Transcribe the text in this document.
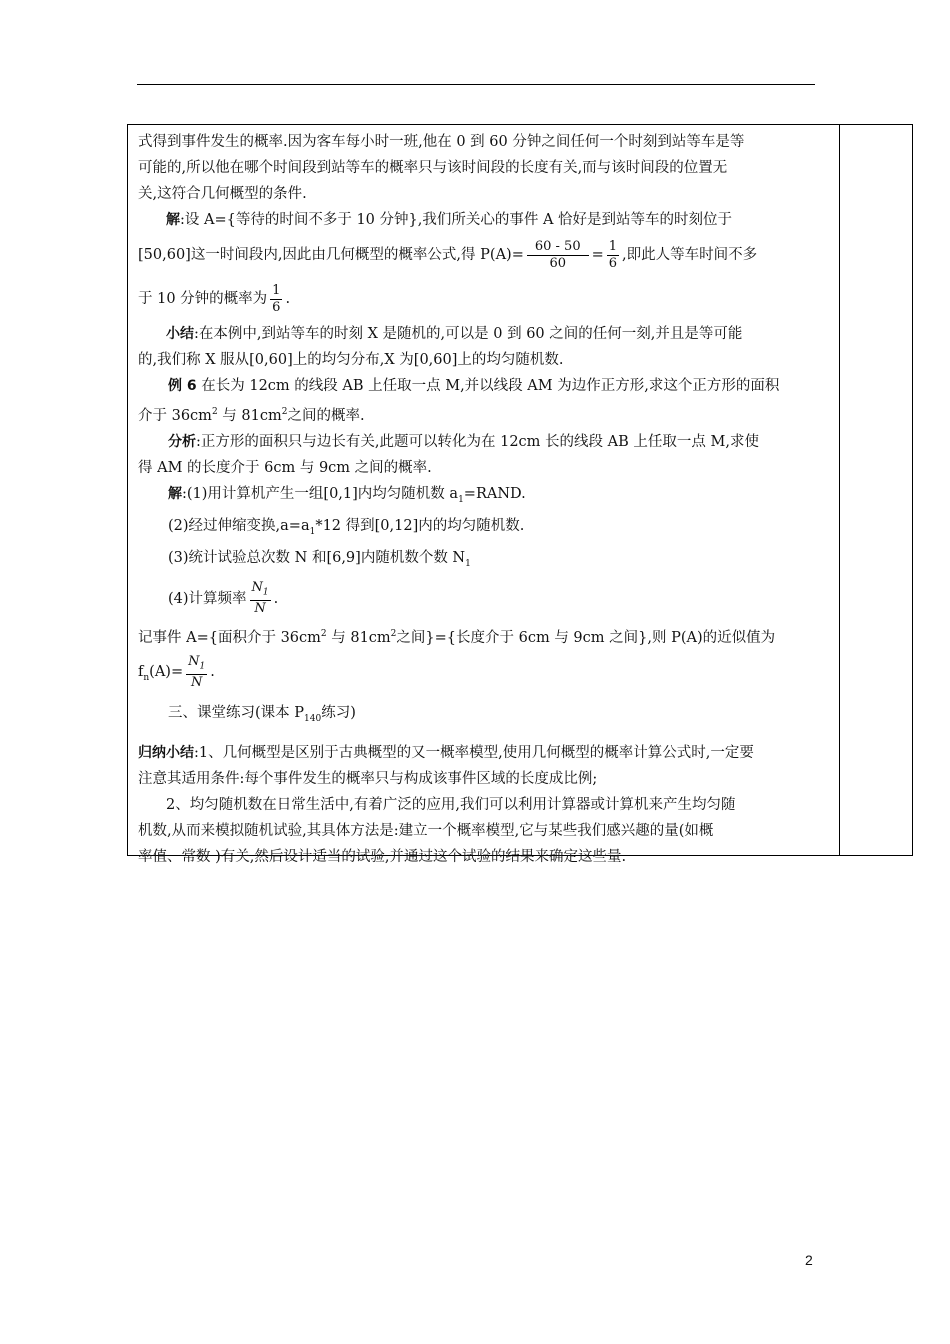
式得到事件发生的概率.因为客车每小时一班,他在 0 到 60 分钟之间任何一个时刻到站等车是等
可能的,所以他在哪个时间段到站等车的概率只与该时间段的长度有关,而与该时间段的位置无
关,这符合几何概型的条件.
解:设 A={等待的时间不多于 10 分钟},我们所关心的事件 A 恰好是到站等车的时刻位于
[50,60]这一时间段内,因此由几何概型的概率公式,得 $P(A)= \frac{60 - 50}{60} = \frac{1}{6}$ ,即此人等车时间不多
于 10 分钟的概率为 $\frac{1}{6}$ .
小结:在本例中,到站等车的时刻 X 是随机的,可以是 0 到 60 之间的任何一刻,并且是等可能
的,我们称 X 服从[0,60]上的均匀分布,X 为[0,60]上的均匀随机数.
例 6 在长为 12cm 的线段 AB 上任取一点 M,并以线段 AM 为边作正方形,求这个正方形的面积
介于 $36cm^2$ 与 $81cm^2$之间的概率.
分析:正方形的面积只与边长有关,此题可以转化为在 12cm 长的线段 AB 上任取一点 M,求使
得 AM 的长度介于 6cm 与 9cm 之间的概率.
解:(1)用计算机产生一组[0,1]内均匀随机数 $a_1=RAND$.
(2)经过伸缩变换$,a=a_1*12$ 得到[0,12]内的均匀随机数.
(3)统计试验总次数 N 和[6,9]内随机数个数 $N_1$
(4)计算频率 $\frac{N_1}{N}$ .
记事件 A={面积介于 $36cm^2$ 与 $81cm^2$之间}={长度介于 6cm 与 9cm 之间},则 P(A)的近似值为
$f_n(A)= \frac{N_1}{N}$ .
三、课堂练习(课本 $P_{140}$练习)
归纳小结:1、几何概型是区别于古典概型的又一概率模型,使用几何概型的概率计算公式时,一定要
注意其适用条件:每个事件发生的概率只与构成该事件区域的长度成比例;
2、均匀随机数在日常生活中,有着广泛的应用,我们可以利用计算器或计算机来产生均匀随
机数,从而来模拟随机试验,其具体方法是:建立一个概率模型,它与某些我们感兴趣的量(如概
率值、常数 )有关,然后设计适当的试验,并通过这个试验的结果来确定这些量.
2
